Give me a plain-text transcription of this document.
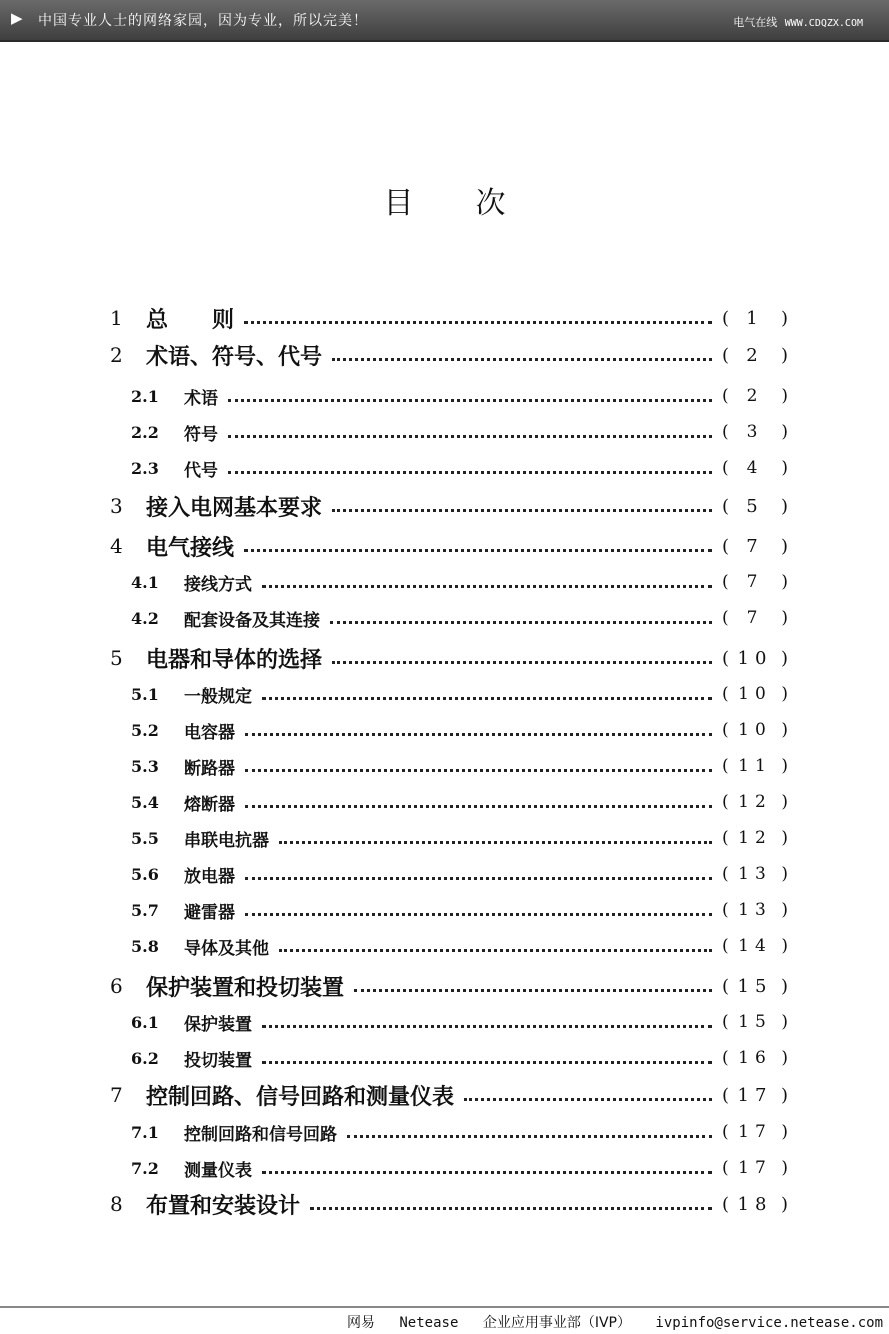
▶ 中国专业人士的网络家园，因为专业，所以完美！	电气在线 WWW.CDQZX.COM
目次
1 总　　则	( 1 )
2 术语、符号、代号	( 2 )
2.1 术语	( 2 )
2.2 符号	( 3 )
2.3 代号	( 4 )
3 接入电网基本要求	( 5 )
4 电气接线	( 7 )
4.1 接线方式	( 7 )
4.2 配套设备及其连接	( 7 )
5 电器和导体的选择	( 10 )
5.1 一般规定	( 10 )
5.2 电容器	( 10 )
5.3 断路器	( 11 )
5.4 熔断器	( 12 )
5.5 串联电抗器	( 12 )
5.6 放电器	( 13 )
5.7 避雷器	( 13 )
5.8 导体及其他	( 14 )
6 保护装置和投切装置	( 15 )
6.1 保护装置	( 15 )
6.2 投切装置	( 16 )
7 控制回路、信号回路和测量仪表	( 17 )
7.1 控制回路和信号回路	( 17 )
7.2 测量仪表	( 17 )
8 布置和安装设计	( 18 )
网易 Netease 企业应用事业部（IVP） ivpinfo@service.netease.com
